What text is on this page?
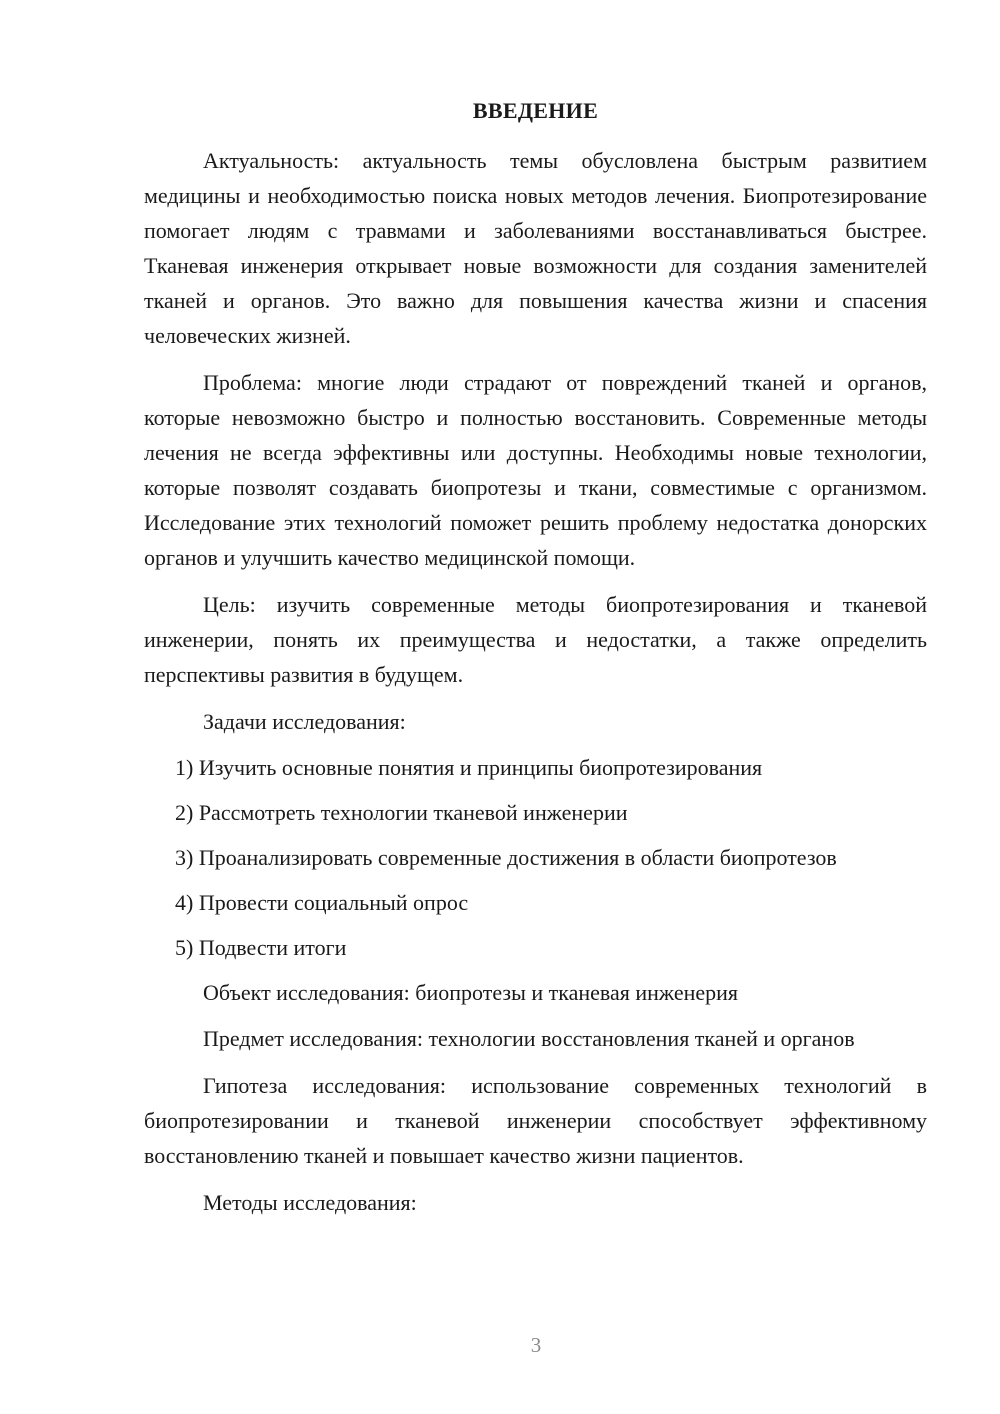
ВВЕДЕНИЕ

Актуальность: актуальность темы обусловлена быстрым развитием медицины и необходимостью поиска новых методов лечения. Биопротезирование помогает людям с травмами и заболеваниями восстанавливаться быстрее. Тканевая инженерия открывает новые возможности для создания заменителей тканей и органов. Это важно для повышения качества жизни и спасения человеческих жизней.

Проблема: многие люди страдают от повреждений тканей и органов, которые невозможно быстро и полностью восстановить. Современные методы лечения не всегда эффективны или доступны. Необходимы новые технологии, которые позволят создавать биопротезы и ткани, совместимые с организмом. Исследование этих технологий поможет решить проблему недостатка донорских органов и улучшить качество медицинской помощи.

Цель: изучить современные методы биопротезирования и тканевой инженерии, понять их преимущества и недостатки, а также определить перспективы развития в будущем.

Задачи исследования:

1) Изучить основные понятия и принципы биопротезирования
2) Рассмотреть технологии тканевой инженерии
3) Проанализировать современные достижения в области биопротезов
4) Провести социальный опрос
5) Подвести итоги

Объект исследования: биопротезы и тканевая инженерия

Предмет исследования: технологии восстановления тканей и органов

Гипотеза исследования: использование современных технологий в биопротезировании и тканевой инженерии способствует эффективному восстановлению тканей и повышает качество жизни пациентов.

Методы исследования:

3
